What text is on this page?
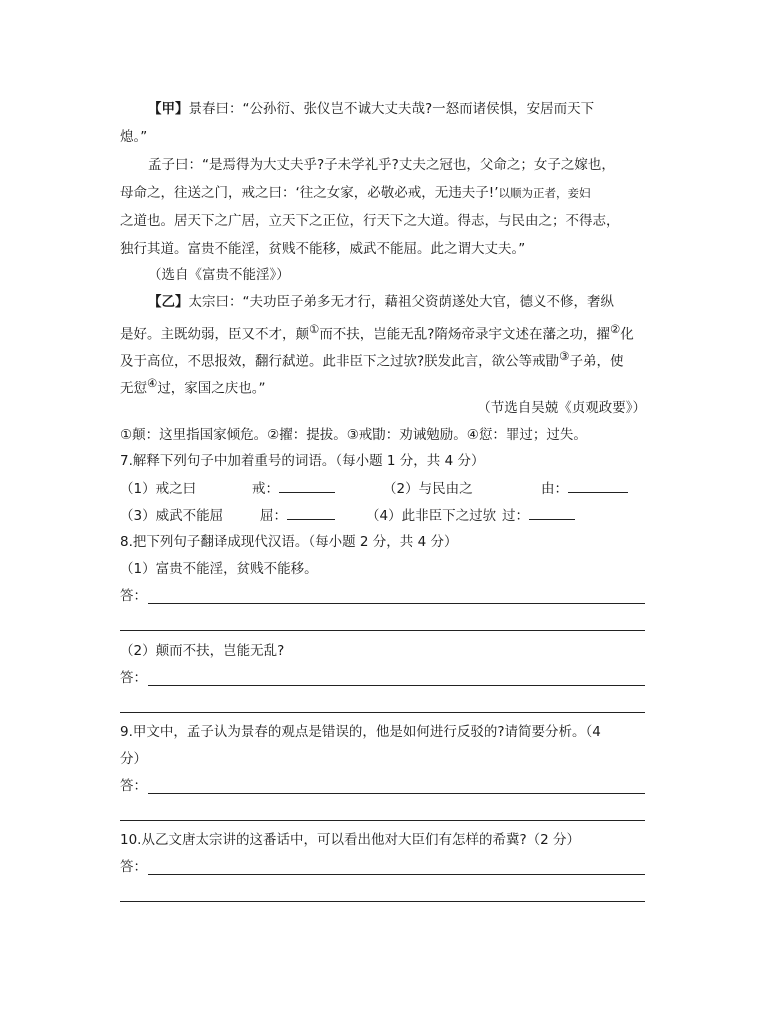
【甲】景春曰：“公孙衍、张仪岂不诚大丈夫哉?一怒而诸侯惧，安居而天下
熄。”
孟子曰：“是焉得为大丈夫乎?子未学礼乎?丈夫之冠也，父命之；女子之嫁也，
母命之，往送之门，戒之曰：‘往之女家，必敬必戒，无违夫子!’以顺为正者，妾妇
之道也。居天下之广居，立天下之正位，行天下之大道。得志，与民由之；不得志，
独行其道。富贵不能淫，贫贱不能移，威武不能屈。此之谓大丈夫。”
（选自《富贵不能淫》）
【乙】太宗曰：“夫功臣子弟多无才行，藉祖父资荫遂处大官，德义不修，奢纵
是好。主既幼弱，臣又不才，颠①而不扶，岂能无乱?隋炀帝录宇文述在藩之功，擢②化
及于高位，不思报效，翻行弑逆。此非臣下之过欤?朕发此言，欲公等戒勖③子弟，使
无愆④过，家国之庆也。”
（节选自吴兢《贞观政要》）
①颠：这里指国家倾危。②擢：提拔。③戒勖：劝诫勉励。④愆：罪过；过失。
7.解释下列句子中加着重号的词语。（每小题 1 分，共 4 分）
（1）戒之曰	戒：	（2）与民由之	由：
（3）威武不能屈	屈：	（4）此非臣下之过欤 过：
8.把下列句子翻译成现代汉语。（每小题 2 分，共 4 分）
（1）富贵不能淫，贫贱不能移。
答：
（2）颠而不扶，岂能无乱?
答：
9.甲文中，孟子认为景春的观点是错误的，他是如何进行反驳的?请简要分析。（4
分）
答：
10.从乙文唐太宗讲的这番话中，可以看出他对大臣们有怎样的希冀?（2 分）
答：
